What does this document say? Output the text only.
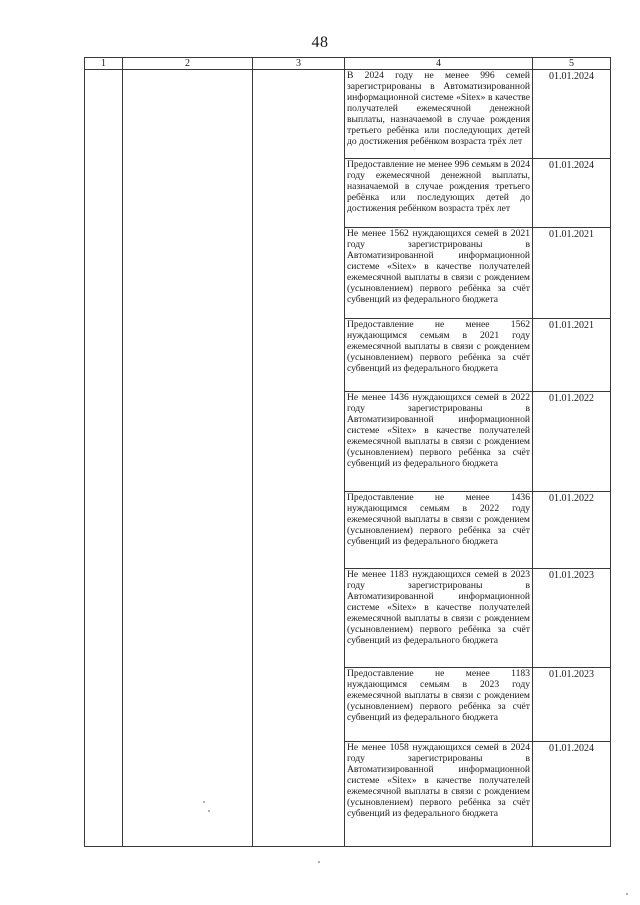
48
1	2	3	4	5

			В 2024 году не менее 996 семей зарегистрированы в Автоматизированной информационной системе «Sitex» в качестве получателей ежемесячной денежной выплаты, назначаемой в случае рождения третьего ребёнка или последующих детей до достижения ребёнком возраста трёх лет	01.01.2024

			Предоставление не менее 996 семьям в 2024 году ежемесячной денежной выплаты, назначаемой в случае рождения третьего ребёнка или последующих детей до достижения ребёнком возраста трёх лет	01.01.2024

			Не менее 1562 нуждающихся семей в 2021 году зарегистрированы в Автоматизированной информационной системе «Sitex» в качестве получателей ежемесячной выплаты в связи с рождением (усыновлением) первого ребёнка за счёт субвенций из федерального бюджета	01.01.2021

			Предоставление не менее 1562 нуждающимся семьям в 2021 году ежемесячной выплаты в связи с рождением (усыновлением) первого ребёнка за счёт субвенций из федерального бюджета	01.01.2021

			Не менее 1436 нуждающихся семей в 2022 году зарегистрированы в Автоматизированной информационной системе «Sitex» в качестве получателей ежемесячной выплаты в связи с рождением (усыновлением) первого ребёнка за счёт субвенций из федерального бюджета	01.01.2022

			Предоставление не менее 1436 нуждающимся семьям в 2022 году ежемесячной выплаты в связи с рождением (усыновлением) первого ребёнка за счёт субвенций из федерального бюджета	01.01.2022

			Не менее 1183 нуждающихся семей в 2023 году зарегистрированы в Автоматизированной информационной системе «Sitex» в качестве получателей ежемесячной выплаты в связи с рождением (усыновлением) первого ребёнка за счёт субвенций из федерального бюджета	01.01.2023

			Предоставление не менее 1183 нуждающимся семьям в 2023 году ежемесячной выплаты в связи с рождением (усыновлением) первого ребёнка за счёт субвенций из федерального бюджета	01.01.2023

			Не менее 1058 нуждающихся семей в 2024 году зарегистрированы в Автоматизированной информационной системе «Sitex» в качестве получателей ежемесячной выплаты в связи с рождением (усыновлением) первого ребёнка за счёт субвенций из федерального бюджета	01.01.2024
